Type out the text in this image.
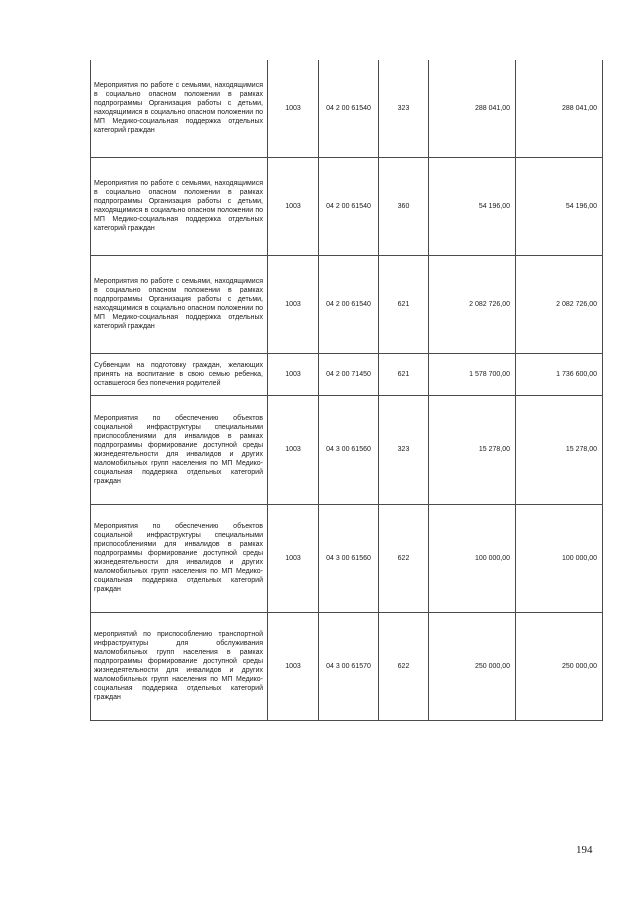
Мероприятия по работе с семьями, находящимися в социально опасном положении в рамках подпрограммы Организация работы с детьми, находящимися в социально опасном положении по МП Медико-социальная поддержка отдельных категорий граждан	1003	04 2 00 61540	323	288 041,00	288 041,00
Мероприятия по работе с семьями, находящимися в социально опасном положении в рамках подпрограммы Организация работы с детьми, находящимися в социально опасном положении по МП Медико-социальная поддержка отдельных категорий граждан	1003	04 2 00 61540	360	54 196,00	54 196,00
Мероприятия по работе с семьями, находящимися в социально опасном положении в рамках подпрограммы Организация работы с детьми, находящимися в социально опасном положении по МП Медико-социальная поддержка отдельных категорий граждан	1003	04 2 00 61540	621	2 082 726,00	2 082 726,00
Субвенции на подготовку граждан, желающих принять на воспитание в свою семью ребенка, оставшегося без попечения родителей	1003	04 2 00 71450	621	1 578 700,00	1 736 600,00
Мероприятия по обеспечению объектов социальной инфраструктуры специальными приспособлениями для инвалидов в рамках подпрограммы формирование доступной среды жизнедеятельности для инвалидов и других маломобильных групп населения по МП Медико-социальная поддержка отдельных категорий граждан	1003	04 3 00 61560	323	15 278,00	15 278,00
Мероприятия по обеспечению объектов социальной инфраструктуры специальными приспособлениями для инвалидов в рамках подпрограммы формирование доступной среды жизнедеятельности для инвалидов и других маломобильных групп населения по МП Медико-социальная поддержка отдельных категорий граждан	1003	04 3 00 61560	622	100 000,00	100 000,00
мероприятий по приспособлению транспортной инфраструктуры для обслуживания маломобильных групп населения в рамках подпрограммы формирование доступной среды жизнедеятельности для инвалидов и других маломобильных групп населения по МП Медико-социальная поддержка отдельных категорий граждан	1003	04 3 00 61570	622	250 000,00	250 000,00
194
